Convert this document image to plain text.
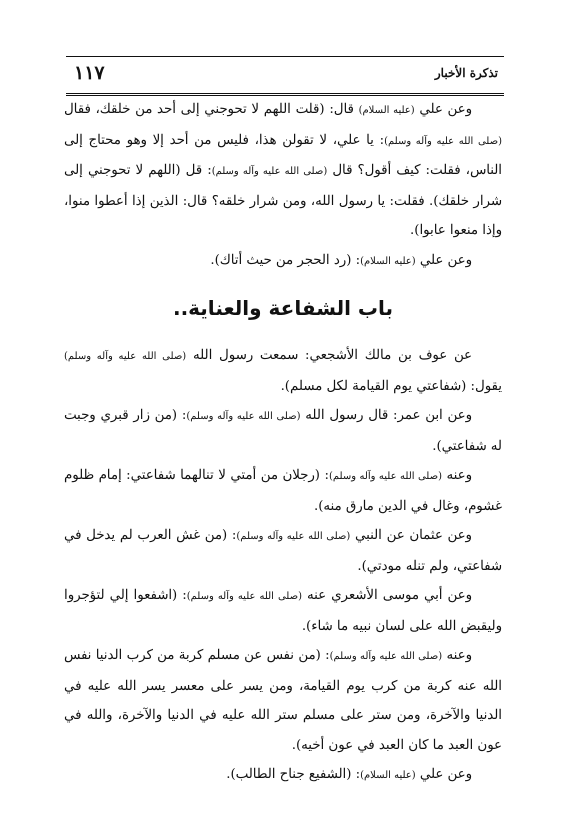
تذكرة الأخبار
١١٧

وعن علي (عليه السلام) قال: (قلت اللهم لا تحوجني إلى أحد من خلقك، فقال (صلى الله عليه وآله وسلم): يا علي، لا تقولن هذا، فليس من أحد إلا وهو محتاج إلى الناس، فقلت: كيف أقول؟ قال (صلى الله عليه وآله وسلم): قل (اللهم لا تحوجني إلى شرار خلقك). فقلت: يا رسول الله، ومن شرار خلقه؟ قال: الذين إذا أعطوا منوا، وإذا منعوا عابوا).

وعن علي (عليه السلام): (رد الحجر من حيث أتاك).

باب الشفاعة والعناية..

عن عوف بن مالك الأشجعي: سمعت رسول الله (صلى الله عليه وآله وسلم) يقول: (شفاعتي يوم القيامة لكل مسلم).

وعن ابن عمر: قال رسول الله (صلى الله عليه وآله وسلم): (من زار قبري وجبت له شفاعتي).

وعنه (صلى الله عليه وآله وسلم): (رجلان من أمتي لا تنالهما شفاعتي: إمام ظلوم غشوم، وغال في الدين مارق منه).

وعن عثمان عن النبي (صلى الله عليه وآله وسلم): (من غش العرب لم يدخل في شفاعتي، ولم تنله مودتي).

وعن أبي موسى الأشعري عنه (صلى الله عليه وآله وسلم): (اشفعوا إلي لتؤجروا وليقبض الله على لسان نبيه ما شاء).

وعنه (صلى الله عليه وآله وسلم): (من نفس عن مسلم كربة من كرب الدنيا نفس الله عنه كربة من كرب يوم القيامة، ومن يسر على معسر يسر الله عليه في الدنيا والآخرة، ومن ستر على مسلم ستر الله عليه في الدنيا والآخرة، والله في عون العبد ما كان العبد في عون أخيه).

وعن علي (عليه السلام): (الشفيع جناح الطالب).
